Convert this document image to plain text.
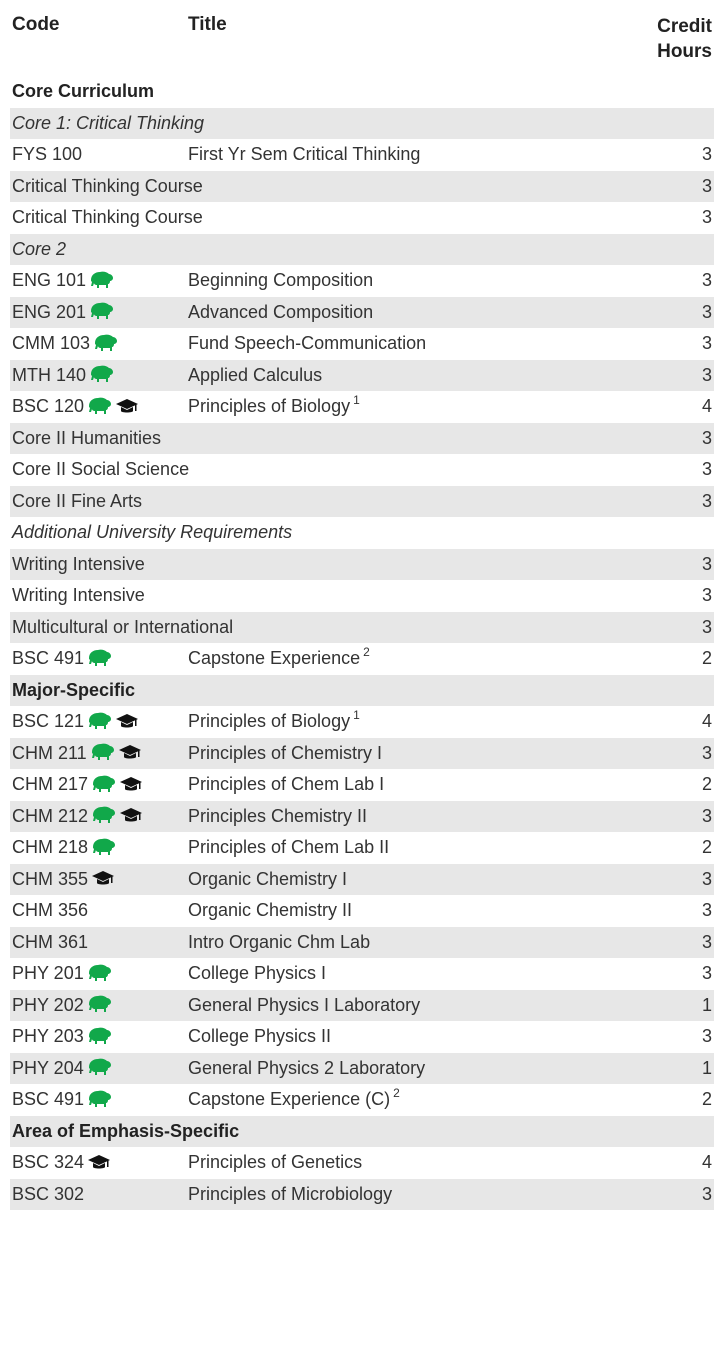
Code	Title	Credit
Hours
Core Curriculum
Core 1: Critical Thinking
FYS 100	First Yr Sem Critical Thinking	3
Critical Thinking Course	3
Critical Thinking Course	3
Core 2
ENG 101	Beginning Composition	3
ENG 201	Advanced Composition	3
CMM 103	Fund Speech-Communication	3
MTH 140	Applied Calculus	3
BSC 120	Principles of Biology $^1$	4
Core II Humanities	3
Core II Social Science	3
Core II Fine Arts	3
Additional University Requirements
Writing Intensive	3
Writing Intensive	3
Multicultural or International	3
BSC 491	Capstone Experience $^2$	2
Major-Specific
BSC 121	Principles of Biology $^1$	4
CHM 211	Principles of Chemistry I	3
CHM 217	Principles of Chem Lab I	2
CHM 212	Principles Chemistry II	3
CHM 218	Principles of Chem Lab II	2
CHM 355	Organic Chemistry I	3
CHM 356	Organic Chemistry II	3
CHM 361	Intro Organic Chm Lab	3
PHY 201	College Physics I	3
PHY 202	General Physics I Laboratory	1
PHY 203	College Physics II	3
PHY 204	General Physics 2 Laboratory	1
BSC 491	Capstone Experience (C) $^2$	2
Area of Emphasis-Specific
BSC 324	Principles of Genetics	4
BSC 302	Principles of Microbiology	3
